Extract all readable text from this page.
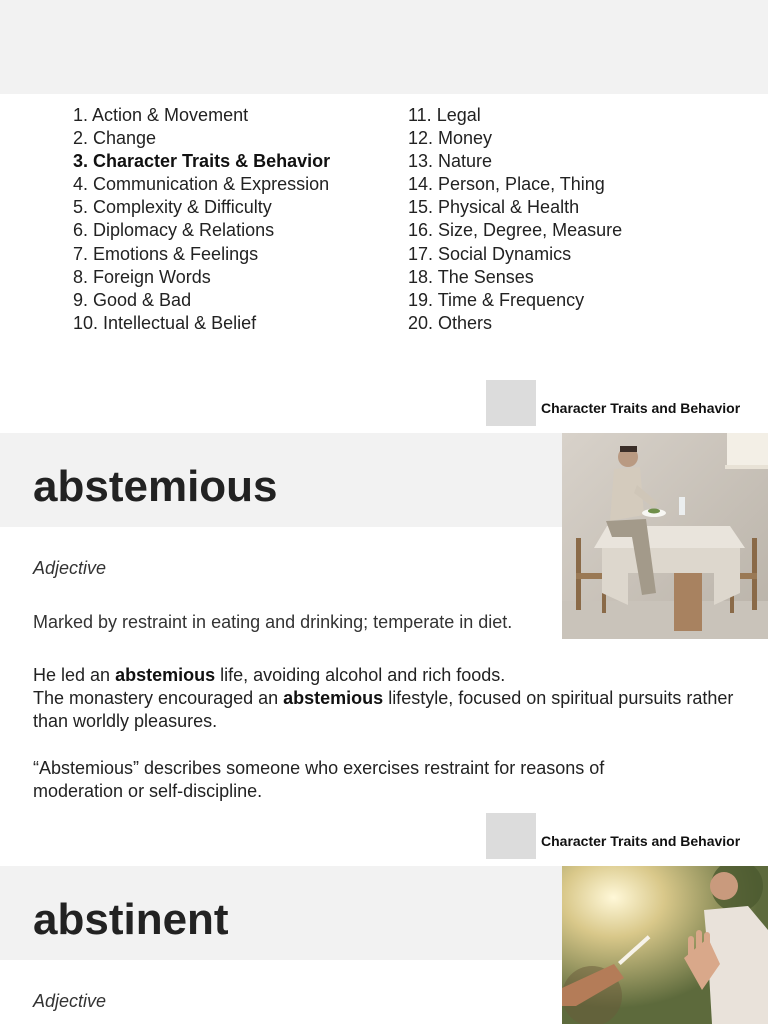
1. Action & Movement
2. Change
3. Character Traits & Behavior
4. Communication & Expression
5. Complexity & Difficulty
6. Diplomacy & Relations
7. Emotions & Feelings
8. Foreign Words
9. Good & Bad
10. Intellectual & Belief
11. Legal
12. Money
13. Nature
14. Person, Place, Thing
15. Physical & Health
16. Size, Degree, Measure
17. Social Dynamics
18. The Senses
19. Time & Frequency
20. Others
Character Traits and Behavior
abstemious
Adjective
Marked by restraint in eating and drinking; temperate in diet.

He led an abstemious life, avoiding alcohol and rich foods.

The monastery encouraged an abstemious lifestyle, focused on spiritual pursuits rather than worldly pleasures.

“Abstemious” describes someone who exercises restraint for reasons of moderation or self-discipline.

Character Traits and Behavior
abstinent
Adjective
